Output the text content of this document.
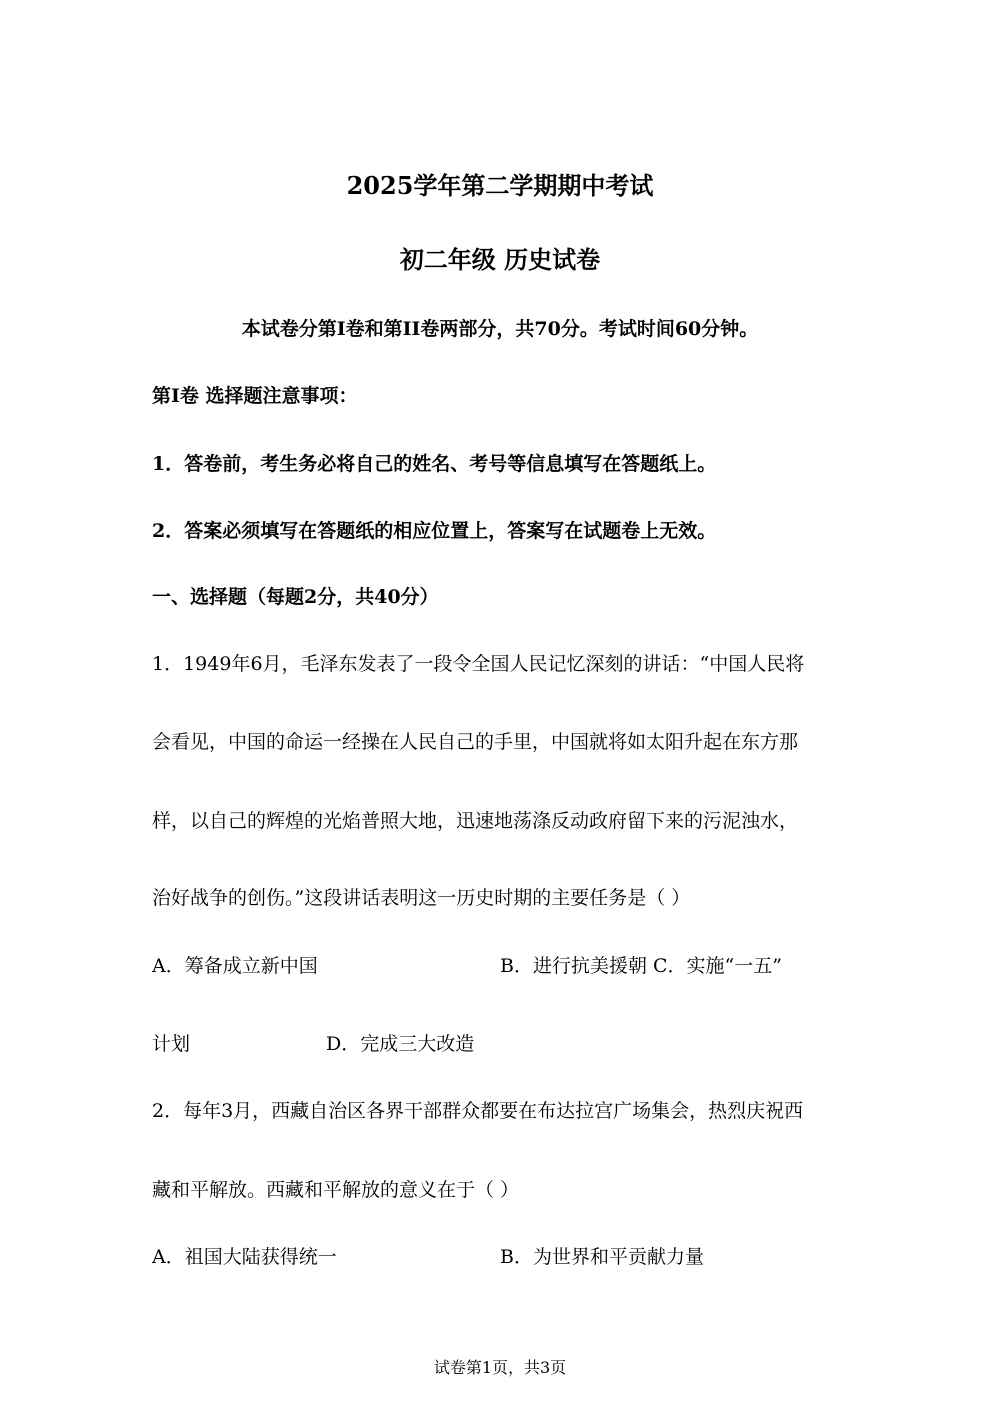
2025学年第二学期期中考试
初二年级 历史试卷
本试卷分第I卷和第II卷两部分，共70分。考试时间60分钟。
第I卷 选择题注意事项：
1．答卷前，考生务必将自己的姓名、考号等信息填写在答题纸上。
2．答案必须填写在答题纸的相应位置上，答案写在试题卷上无效。
一、选择题（每题2分，共40分）
1．1949年6月，毛泽东发表了一段令全国人民记忆深刻的讲话：“中国人民将
会看见，中国的命运一经操在人民自己的手里，中国就将如太阳升起在东方那
样，以自己的辉煌的光焰普照大地，迅速地荡涤反动政府留下来的污泥浊水，
治好战争的创伤。”这段讲话表明这一历史时期的主要任务是（ ）
A．筹备成立新中国	B．进行抗美援朝 C．实施“一五”
计划	D．完成三大改造
2．每年3月，西藏自治区各界干部群众都要在布达拉宫广场集会，热烈庆祝西
藏和平解放。西藏和平解放的意义在于（ ）
A．祖国大陆获得统一	B．为世界和平贡献力量
试卷第1页，共3页
